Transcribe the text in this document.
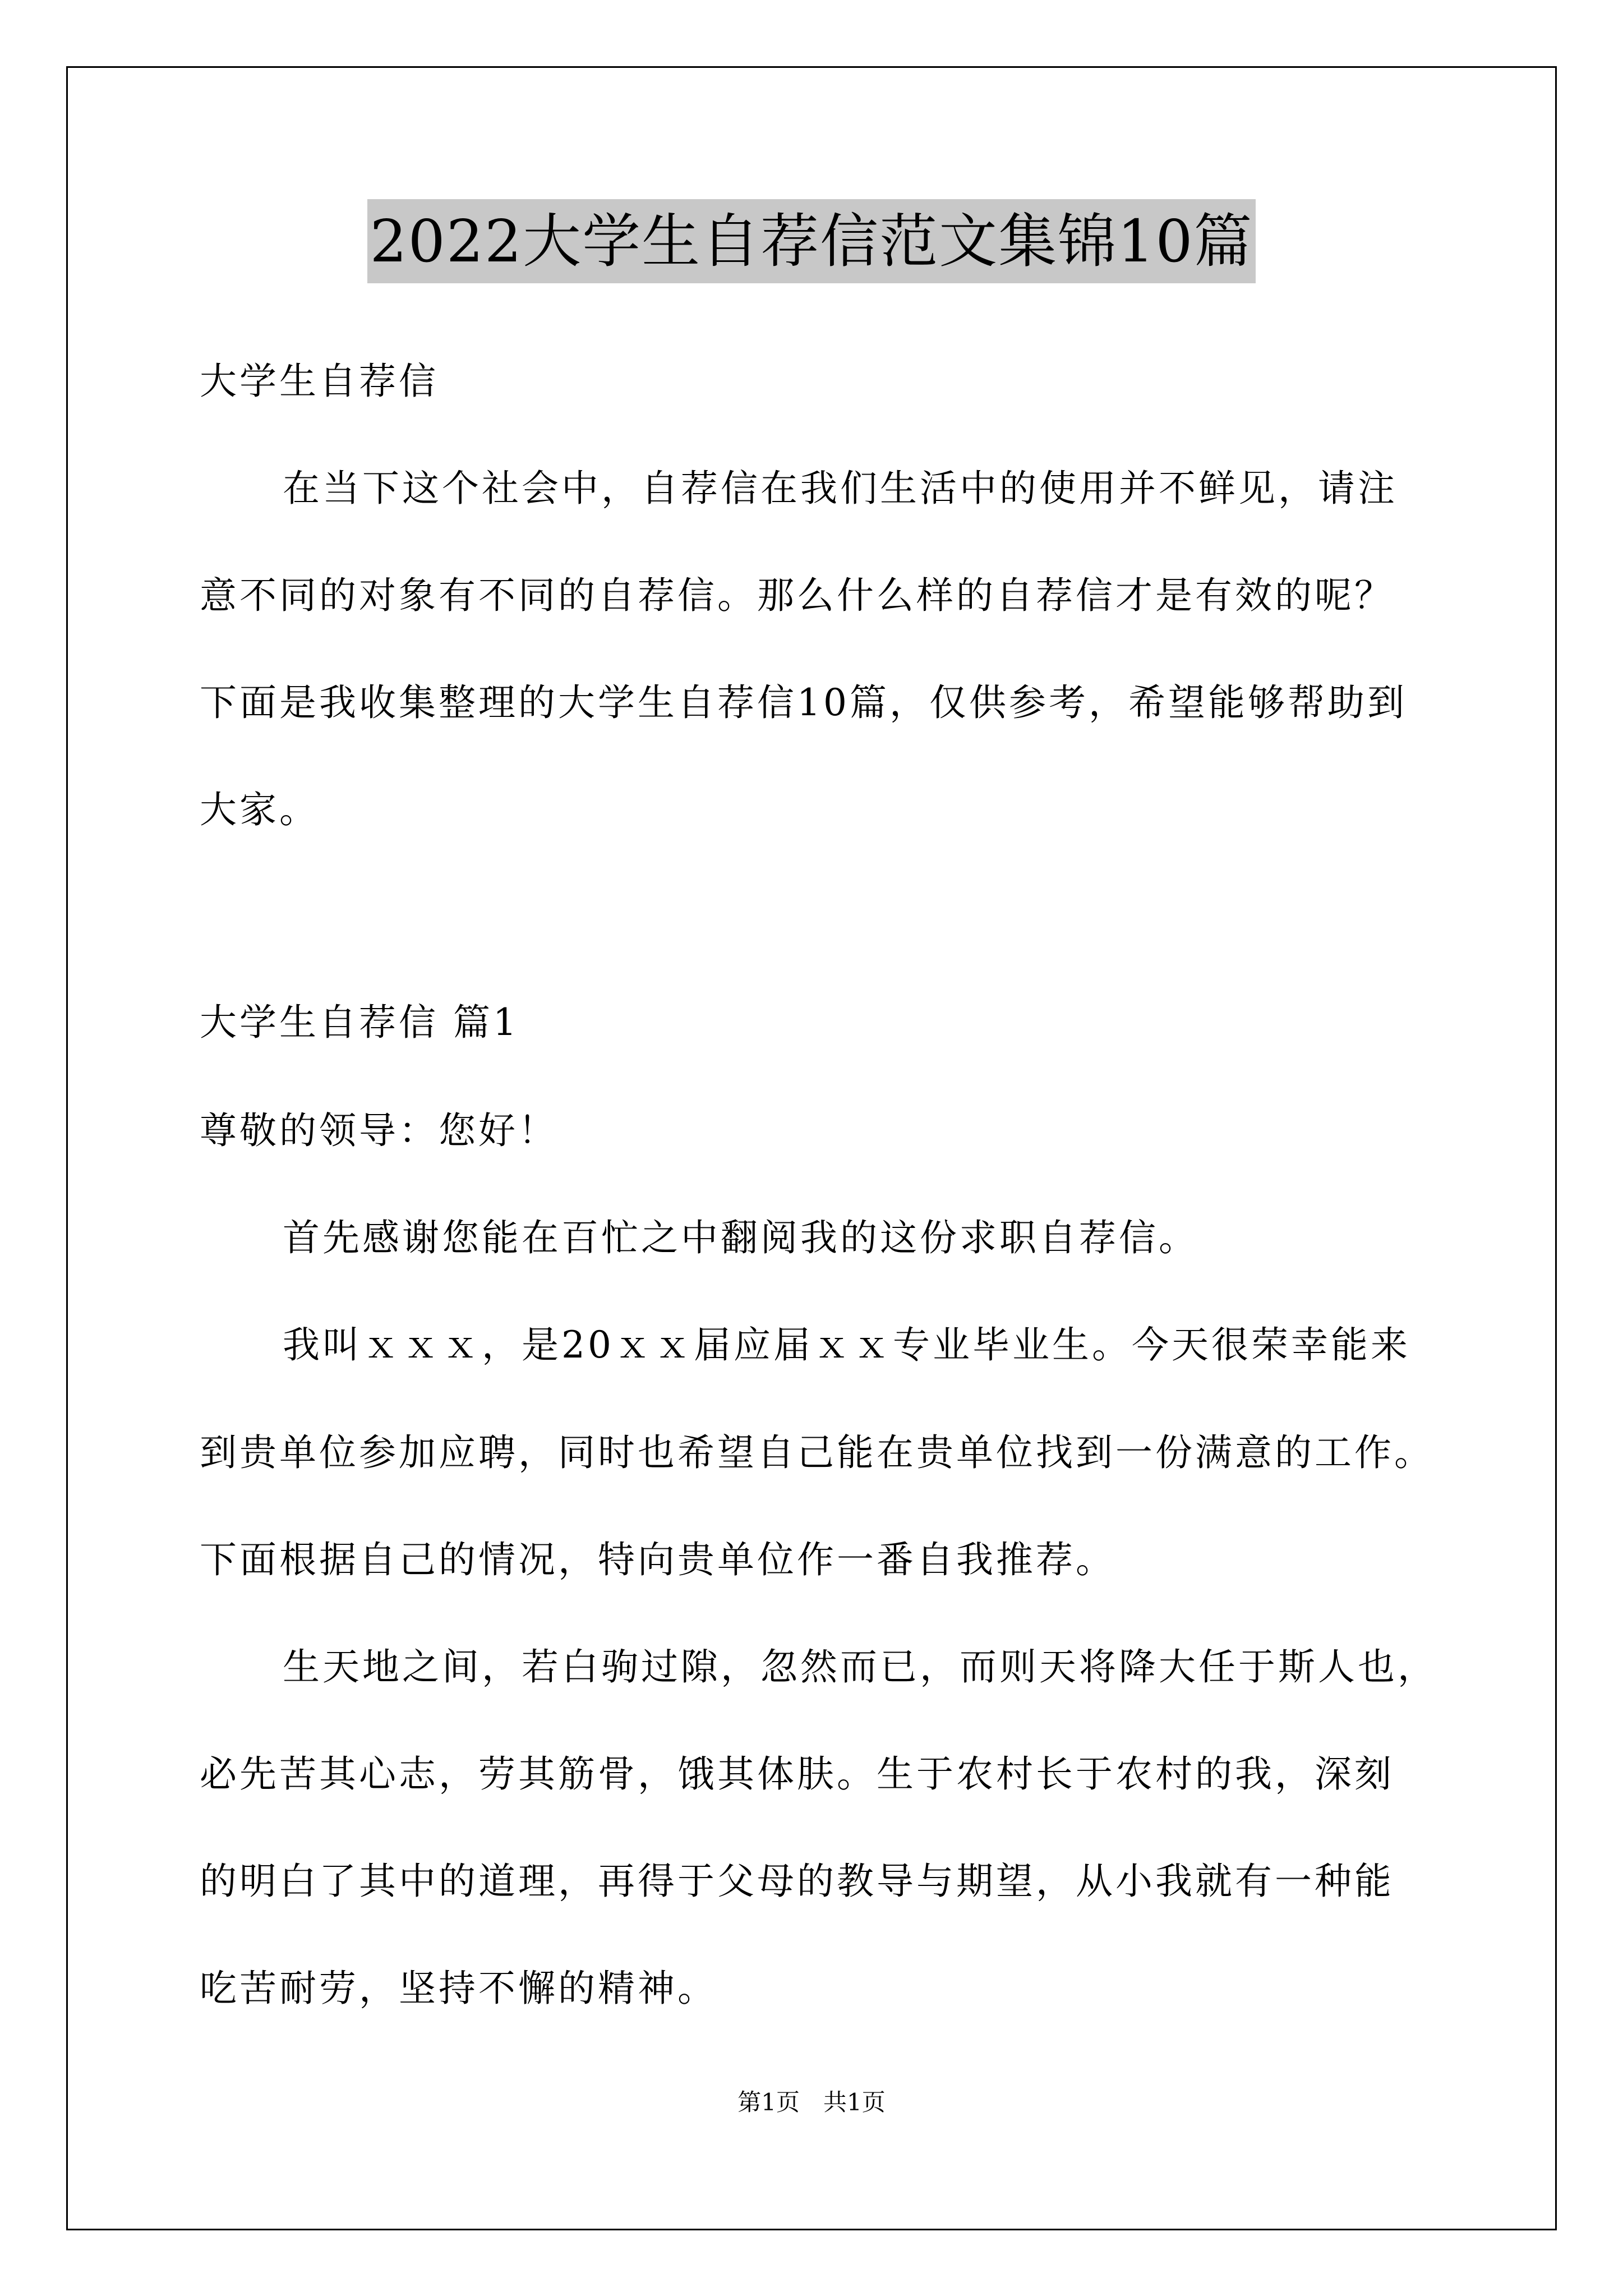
2022大学生自荐信范文集锦10篇
大学生自荐信
在当下这个社会中，自荐信在我们生活中的使用并不鲜见，请注
意不同的对象有不同的自荐信。那么什么样的自荐信才是有效的呢？
下面是我收集整理的大学生自荐信10篇，仅供参考，希望能够帮助到
大家。
大学生自荐信 篇1
尊敬的领导：您好！
首先感谢您能在百忙之中翻阅我的这份求职自荐信。
我叫ｘｘｘ，是20ｘｘ届应届ｘｘ专业毕业生。今天很荣幸能来
到贵单位参加应聘，同时也希望自己能在贵单位找到一份满意的工作。
下面根据自己的情况，特向贵单位作一番自我推荐。
生天地之间，若白驹过隙，忽然而已，而则天将降大任于斯人也，
必先苦其心志，劳其筋骨，饿其体肤。生于农村长于农村的我，深刻
的明白了其中的道理，再得于父母的教导与期望，从小我就有一种能
吃苦耐劳，坚持不懈的精神。
第1页　共1页
